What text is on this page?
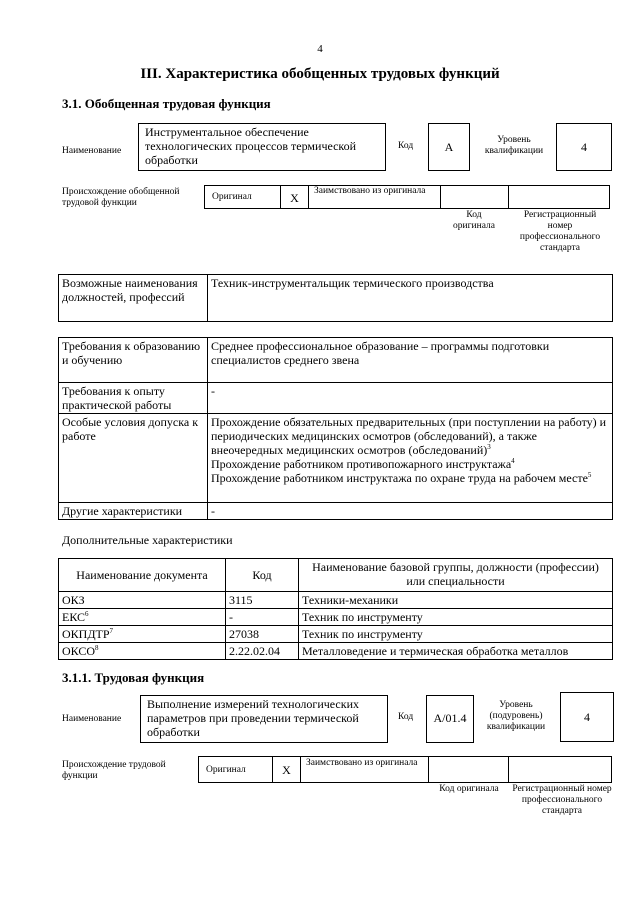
4
III. Характеристика обобщенных трудовых функций
3.1. Обобщенная трудовая функция
Наименование
Инструментальное обеспечение технологических процессов термической обработки
Код	A	Уровень квалификации	4
Происхождение обобщенной трудовой функции
Оригинал	X	Заимствовано из оригинала
Код оригинала
Регистрационный номер профессионального стандарта
Возможные наименования должностей, профессий	Техник-инструментальщик термического производства
Требования к образованию и обучению	Среднее профессиональное образование – программы подготовки специалистов среднего звена
Требования к опыту практической работы	-
Особые условия допуска к работе	Прохождение обязательных предварительных (при поступлении на работу) и периодических медицинских осмотров (обследований), а также внеочередных медицинских осмотров (обследований)$^3$
Прохождение работником противопожарного инструктажа$^4$
Прохождение работником инструктажа по охране труда на рабочем месте$^5$
Другие характеристики	-
Дополнительные характеристики
Наименование документа	Код	Наименование базовой группы, должности (профессии) или специальности
ОКЗ	3115	Техники-механики
ЕКС$^6$	-	Техник по инструменту
ОКПДТР$^7$	27038	Техник по инструменту
ОКСО$^8$	2.22.02.04	Металловедение и термическая обработка металлов
3.1.1. Трудовая функция
Наименование
Выполнение измерений технологических параметров при проведении термической обработки
Код	A/01.4
Уровень (подуровень) квалификации
4
Происхождение трудовой функции
Оригинал	X	Заимствовано из оригинала
Код оригинала	Регистрационный номер профессионального стандарта
